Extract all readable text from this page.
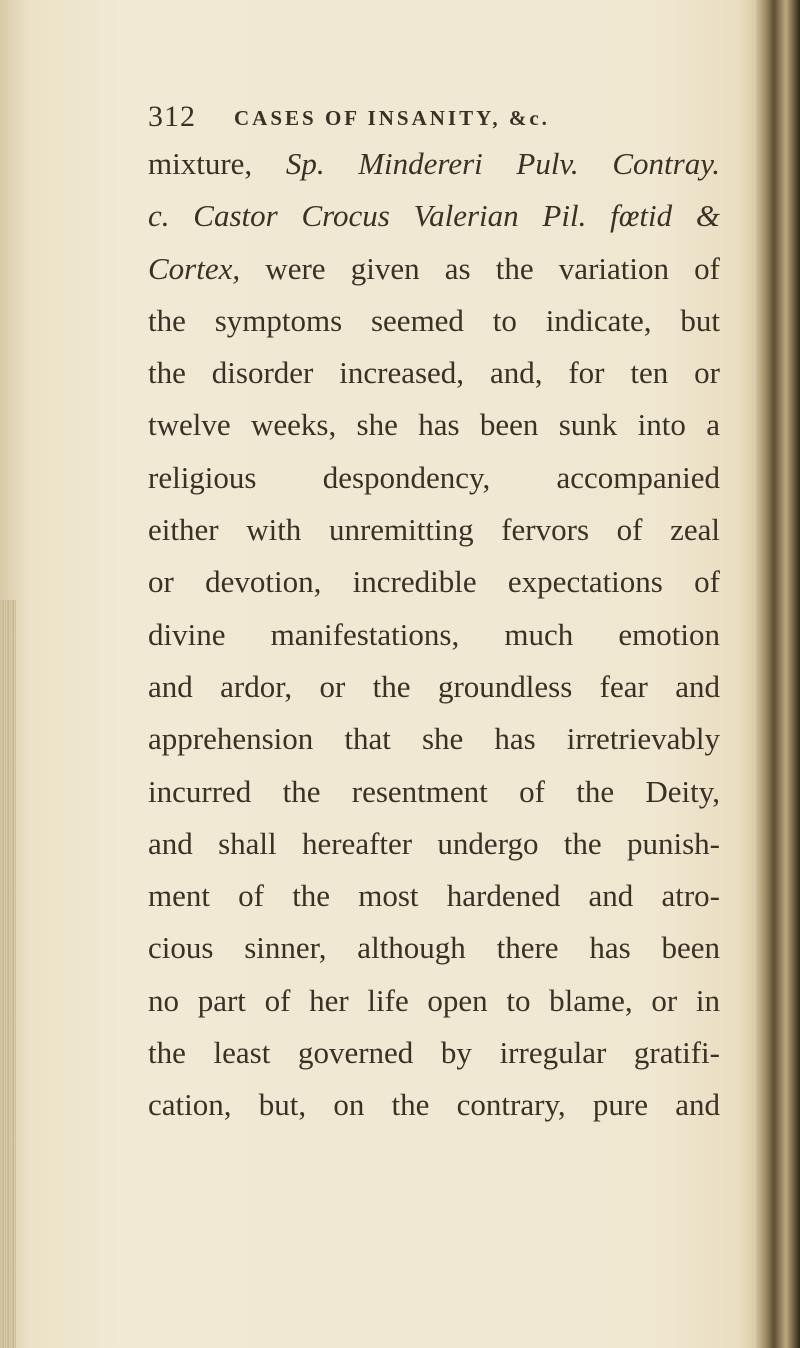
312 CASES OF INSANITY, &c.
mixture, Sp. Mindereri Pulv. Contray.
c. Castor Crocus Valerian Pil. fœtid &
Cortex, were given as the variation of
the symptoms seemed to indicate, but
the disorder increased, and, for ten or
twelve weeks, she has been sunk into a
religious despondency, accompanied
either with unremitting fervors of zeal
or devotion, incredible expectations of
divine manifestations, much emotion
and ardor, or the groundless fear and
apprehension that she has irretrievably
incurred the resentment of the Deity,
and shall hereafter undergo the punish-
ment of the most hardened and atro-
cious sinner, although there has been
no part of her life open to blame, or in
the least governed by irregular gratifi-
cation, but, on the contrary, pure and
